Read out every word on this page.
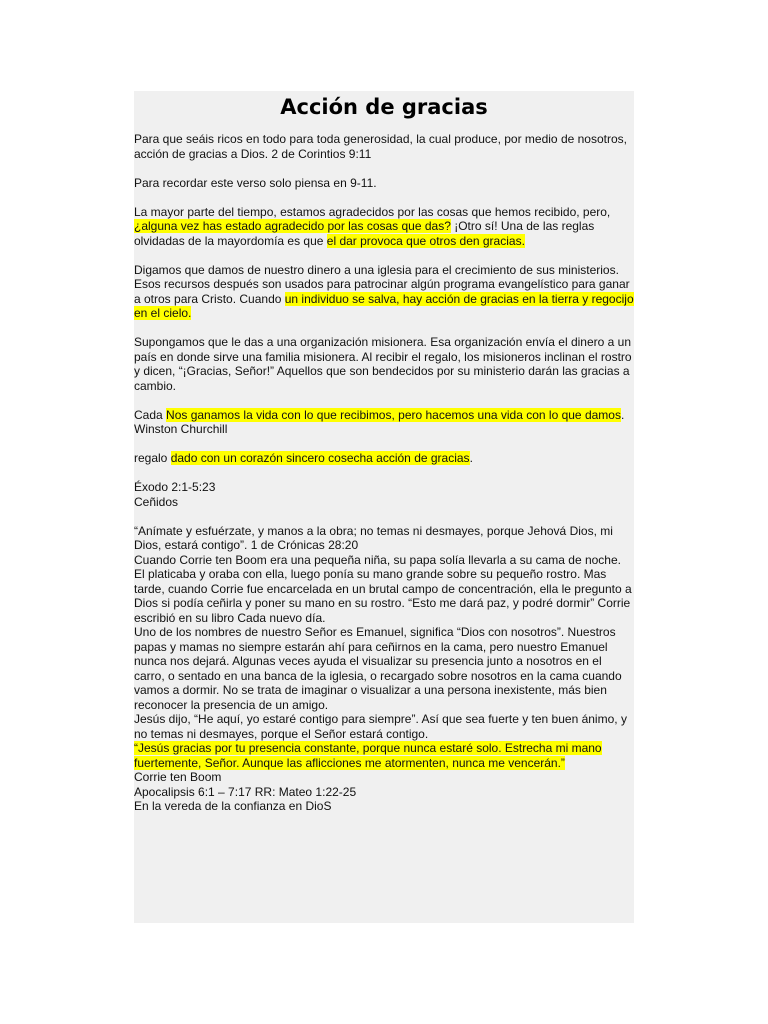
Acción de gracias

Para que seáis ricos en todo para toda generosidad, la cual produce, por medio de nosotros, acción de gracias a Dios. 2 de Corintios 9:11

Para recordar este verso solo piensa en 9-11.

La mayor parte del tiempo, estamos agradecidos por las cosas que hemos recibido, pero, ¿alguna vez has estado agradecido por las cosas que das? ¡Otro sí! Una de las reglas olvidadas de la mayordomía es que el dar provoca que otros den gracias.

Digamos que damos de nuestro dinero a una iglesia para el crecimiento de sus ministerios. Esos recursos después son usados para patrocinar algún programa evangelístico para ganar a otros para Cristo. Cuando un individuo se salva, hay acción de gracias en la tierra y regocijo en el cielo.

Supongamos que le das a una organización misionera. Esa organización envía el dinero a un país en donde sirve una familia misionera. Al recibir el regalo, los misioneros inclinan el rostro y dicen, “¡Gracias, Señor!” Aquellos que son bendecidos por su ministerio darán las gracias a cambio.

Cada Nos ganamos la vida con lo que recibimos, pero hacemos una vida con lo que damos.
Winston Churchill

regalo dado con un corazón sincero cosecha acción de gracias.

Éxodo 2:1-5:23
Ceñidos

“Anímate y esfuérzate, y manos a la obra; no temas ni desmayes, porque Jehová Dios, mi Dios, estará contigo”. 1 de Crónicas 28:20

Cuando Corrie ten Boom era una pequeña niña, su papa solía llevarla a su cama de noche. El platicaba y oraba con ella, luego ponía su mano grande sobre su pequeño rostro. Mas tarde, cuando Corrie fue encarcelada en un brutal campo de concentración, ella le pregunto a Dios si podía ceñirla y poner su mano en su rostro. “Esto me dará paz, y podré dormir” Corrie escribió en su libro Cada nuevo día.

Uno de los nombres de nuestro Señor es Emanuel, significa “Dios con nosotros”. Nuestros papas y mamas no siempre estarán ahí para ceñirnos en la cama, pero nuestro Emanuel nunca nos dejará. Algunas veces ayuda el visualizar su presencia junto a nosotros en el carro, o sentado en una banca de la iglesia, o recargado sobre nosotros en la cama cuando vamos a dormir. No se trata de imaginar o visualizar a una persona inexistente, más bien reconocer la presencia de un amigo.

Jesús dijo, “He aquí, yo estaré contigo para siempre”. Así que sea fuerte y ten buen ánimo, y no temas ni desmayes, porque el Señor estará contigo.

“Jesús gracias por tu presencia constante, porque nunca estaré solo. Estrecha mi mano fuertemente, Señor. Aunque las aflicciones me atormenten, nunca me vencerán.”

Corrie ten Boom

Apocalipsis 6:1 – 7:17 RR: Mateo 1:22-25

En la vereda de la confianza en DioS
